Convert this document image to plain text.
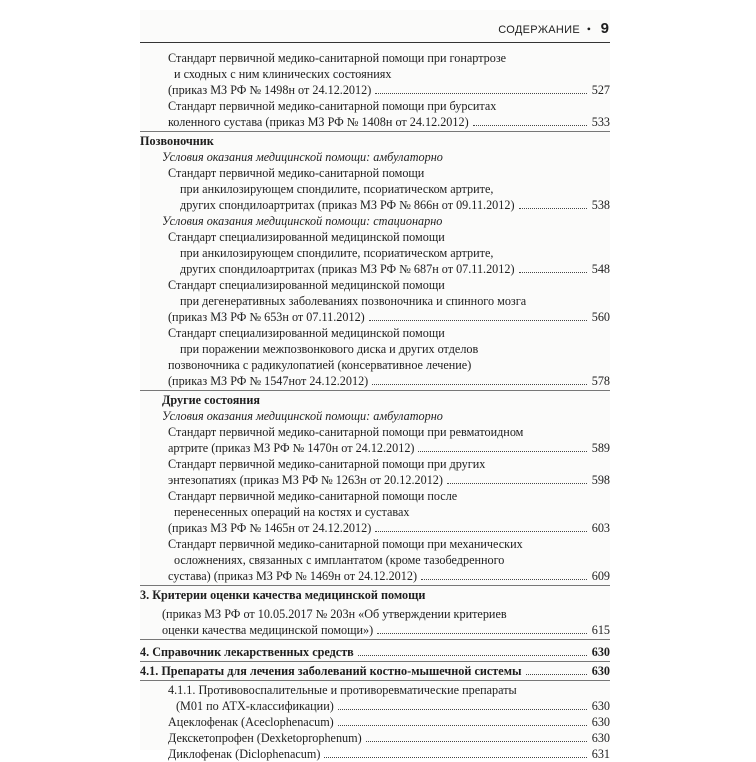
СОДЕРЖАНИЕ • 9
Стандарт первичной медико-санитарной помощи при гонартрозе
и сходных с ним клинических состояниях
(приказ МЗ РФ № 1498н от 24.12.2012)	527
Стандарт первичной медико-санитарной помощи при бурситах
коленного сустава (приказ МЗ РФ № 1408н от 24.12.2012)	533
Позвоночник
Условия оказания медицинской помощи: амбулаторно
Стандарт первичной медико-санитарной помощи
при анкилозирующем спондилите, псориатическом артрите,
других спондилоартритах (приказ МЗ РФ № 866н от 09.11.2012)	538
Условия оказания медицинской помощи: стационарно
Стандарт специализированной медицинской помощи
при анкилозирующем спондилите, псориатическом артрите,
других спондилоартритах (приказ МЗ РФ № 687н от 07.11.2012)	548
Стандарт специализированной медицинской помощи
при дегенеративных заболеваниях позвоночника и спинного мозга
(приказ МЗ РФ № 653н от 07.11.2012)	560
Стандарт специализированной медицинской помощи
при поражении межпозвонкового диска и других отделов
позвоночника с радикулопатией (консервативное лечение)
(приказ МЗ РФ № 1547нот 24.12.2012)	578
Другие состояния
Условия оказания медицинской помощи: амбулаторно
Стандарт первичной медико-санитарной помощи при ревматоидном
артрите (приказ МЗ РФ № 1470н от 24.12.2012)	589
Стандарт первичной медико-санитарной помощи при других
энтезопатиях (приказ МЗ РФ № 1263н от 20.12.2012)	598
Стандарт первичной медико-санитарной помощи после
перенесенных операций на костях и суставах
(приказ МЗ РФ № 1465н от 24.12.2012)	603
Стандарт первичной медико-санитарной помощи при механических
осложнениях, связанных с имплантатом (кроме тазобедренного
сустава) (приказ МЗ РФ № 1469н от 24.12.2012)	609
3. Критерии оценки качества медицинской помощи
(приказ МЗ РФ от 10.05.2017 № 203н «Об утверждении критериев
оценки качества медицинской помощи»)	615
4. Справочник лекарственных средств	630
4.1. Препараты для лечения заболеваний костно-мышечной системы	630
4.1.1. Противовоспалительные и противоревматические препараты
(М01 по АТХ-классификации)	630
Ацеклофенак (Aceclophenacum)	630
Декскетопрофен (Dexketoprophenum)	630
Диклофенак (Diclophenacum)	631
